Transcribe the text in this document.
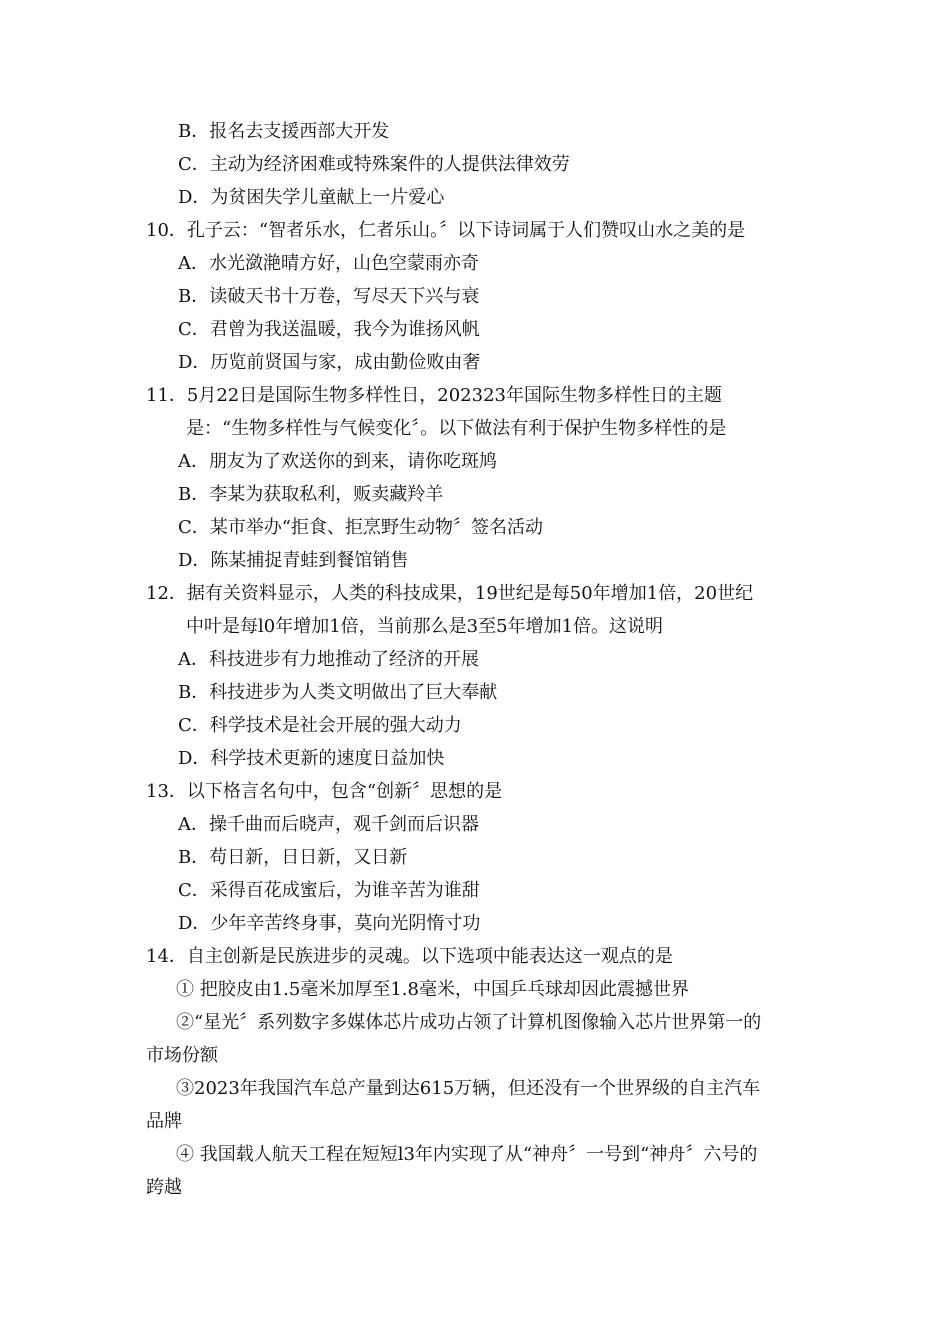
B．报名去支援西部大开发
C．主动为经济困难或特殊案件的人提供法律效劳
D．为贫困失学儿童献上一片爱心
10．孔子云：“智者乐水，仁者乐山。〞以下诗词属于人们赞叹山水之美的是
A．水光潋滟晴方好，山色空蒙雨亦奇
B．读破天书十万卷，写尽天下兴与衰
C．君曾为我送温暖，我今为谁扬风帆
D．历览前贤国与家，成由勤俭败由奢
11．5月22日是国际生物多样性日，202323年国际生物多样性日的主题
是：“生物多样性与气候变化〞。以下做法有利于保护生物多样性的是
A．朋友为了欢送你的到来，请你吃斑鸠
B．李某为获取私利，贩卖藏羚羊
C．某市举办“拒食、拒烹野生动物〞签名活动
D．陈某捕捉青蛙到餐馆销售
12．据有关资料显示，人类的科技成果，19世纪是每50年增加1倍，20世纪
中叶是每l0年增加1倍，当前那么是3至5年增加1倍。这说明
A．科技进步有力地推动了经济的开展
B．科技进步为人类文明做出了巨大奉献
C．科学技术是社会开展的强大动力
D．科学技术更新的速度日益加快
13．以下格言名句中，包含“创新〞思想的是
A．操千曲而后晓声，观千剑而后识器
B．苟日新，日日新，又日新
C．采得百花成蜜后，为谁辛苦为谁甜
D．少年辛苦终身事，莫向光阴惰寸功
14．自主创新是民族进步的灵魂。以下选项中能表达这一观点的是
① 把胶皮由1.5毫米加厚至1.8毫米，中国乒乓球却因此震撼世界
②“星光〞系列数字多媒体芯片成功占领了计算机图像输入芯片世界第一的
市场份额
③2023年我国汽车总产量到达615万辆，但还没有一个世界级的自主汽车
品牌
④ 我国载人航天工程在短短l3年内实现了从“神舟〞一号到“神舟〞六号的
跨越
